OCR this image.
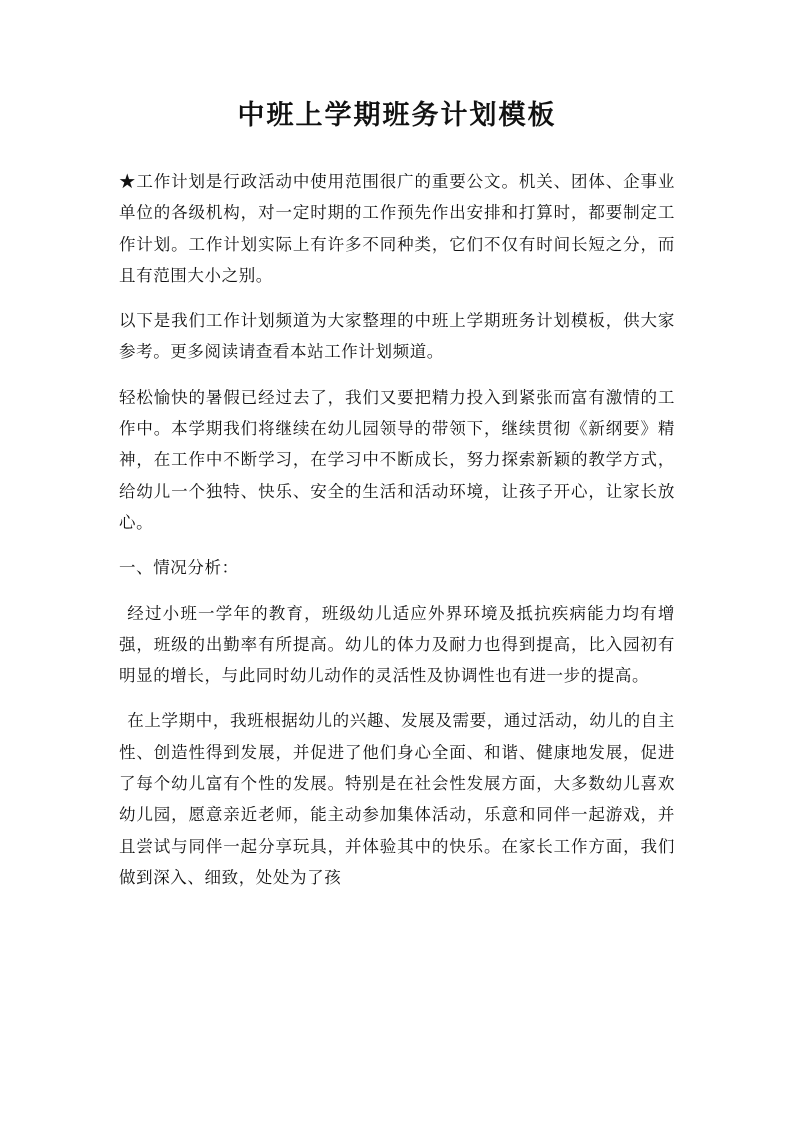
中班上学期班务计划模板

★工作计划是行政活动中使用范围很广的重要公文。机关、团体、企事业单位的各级机构，对一定时期的工作预先作出安排和打算时，都要制定工作计划。工作计划实际上有许多不同种类，它们不仅有时间长短之分，而且有范围大小之别。

以下是我们工作计划频道为大家整理的中班上学期班务计划模板，供大家参考。更多阅读请查看本站工作计划频道。

轻松愉快的暑假已经过去了，我们又要把精力投入到紧张而富有激情的工作中。本学期我们将继续在幼儿园领导的带领下，继续贯彻《新纲要》精神，在工作中不断学习，在学习中不断成长，努力探索新颖的教学方式，给幼儿一个独特、快乐、安全的生活和活动环境，让孩子开心，让家长放心。

一、情况分析：

经过小班一学年的教育，班级幼儿适应外界环境及抵抗疾病能力均有增强，班级的出勤率有所提高。幼儿的体力及耐力也得到提高，比入园初有明显的增长，与此同时幼儿动作的灵活性及协调性也有进一步的提高。

在上学期中，我班根据幼儿的兴趣、发展及需要，通过活动，幼儿的自主性、创造性得到发展，并促进了他们身心全面、和谐、健康地发展，促进了每个幼儿富有个性的发展。特别是在社会性发展方面，大多数幼儿喜欢幼儿园，愿意亲近老师，能主动参加集体活动，乐意和同伴一起游戏，并且尝试与同伴一起分享玩具，并体验其中的快乐。在家长工作方面，我们做到深入、细致，处处为了孩
